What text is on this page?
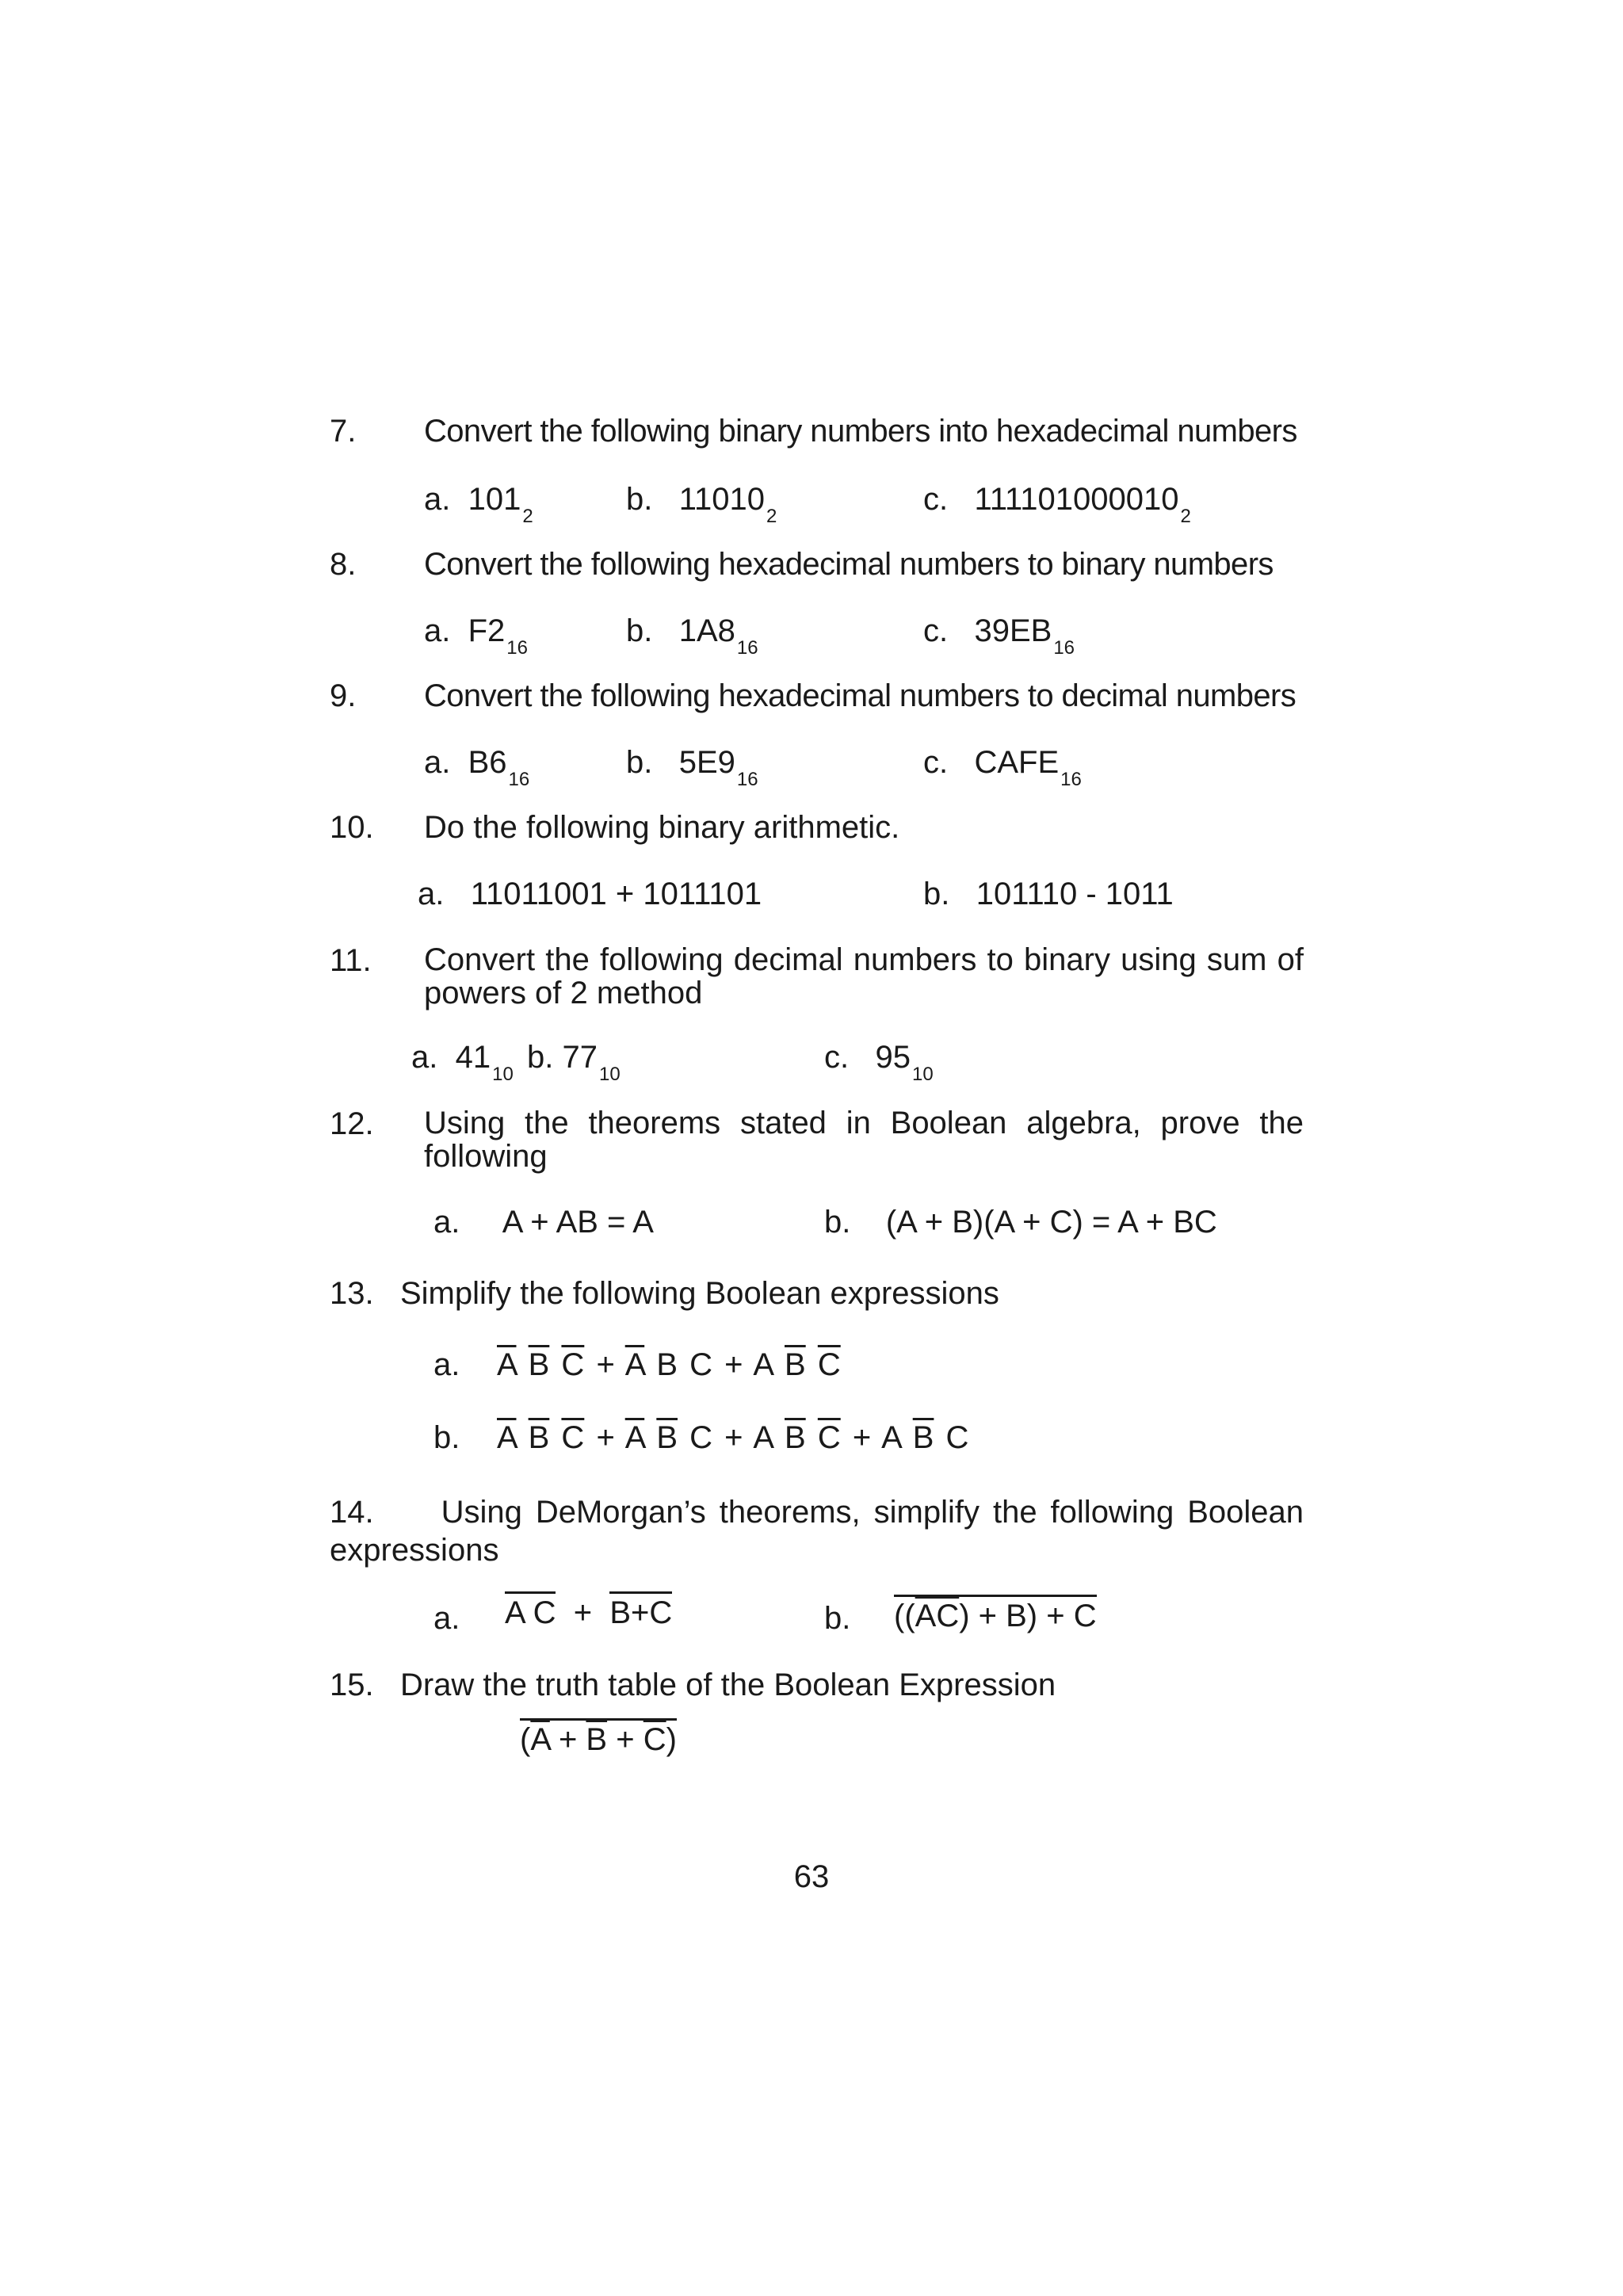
7. Convert the following binary numbers into hexadecimal numbers
a. $101_2$	b. $11010_2$	c. $111101000010_2$
8. Convert the following hexadecimal numbers to binary numbers
a. $F2_{16}$	b. $1A8_{16}$	c. $39EB_{16}$
9. Convert the following hexadecimal numbers to decimal numbers
a. $B6_{16}$	b. $5E9_{16}$	c. $CAFE_{16}$
10. Do the following binary arithmetic.
a. 11011001 + 1011101	b. 101110 - 1011
11. Convert the following decimal numbers to binary using sum of powers of 2 method
a. $41_{10}$ b. $77_{10}$	c. $95_{10}$
12. Using the theorems stated in Boolean algebra, prove the following
a. A + AB = A	b. (A + B)(A + C) = A + BC
13. Simplify the following Boolean expressions
a. $\overline{A}$ $\overline{B}$ $\overline{C} + \overline{A}$ B C + A $\overline{B}$ $\overline{C}$
b. $\overline{A}$ $\overline{B}$ $\overline{C} + \overline{A}$ $\overline{B}$ C + A $\overline{B}$ $\overline{C} + A$ $\overline{B}$ C
14. Using DeMorgan’s theorems, simplify the following Boolean expressions
a. A C + B+C	b. $((\overline{AC}) + B) + C$
15. Draw the truth table of the Boolean Expression
$(\overline{A} + \overline{B} + \overline{C})$
63
